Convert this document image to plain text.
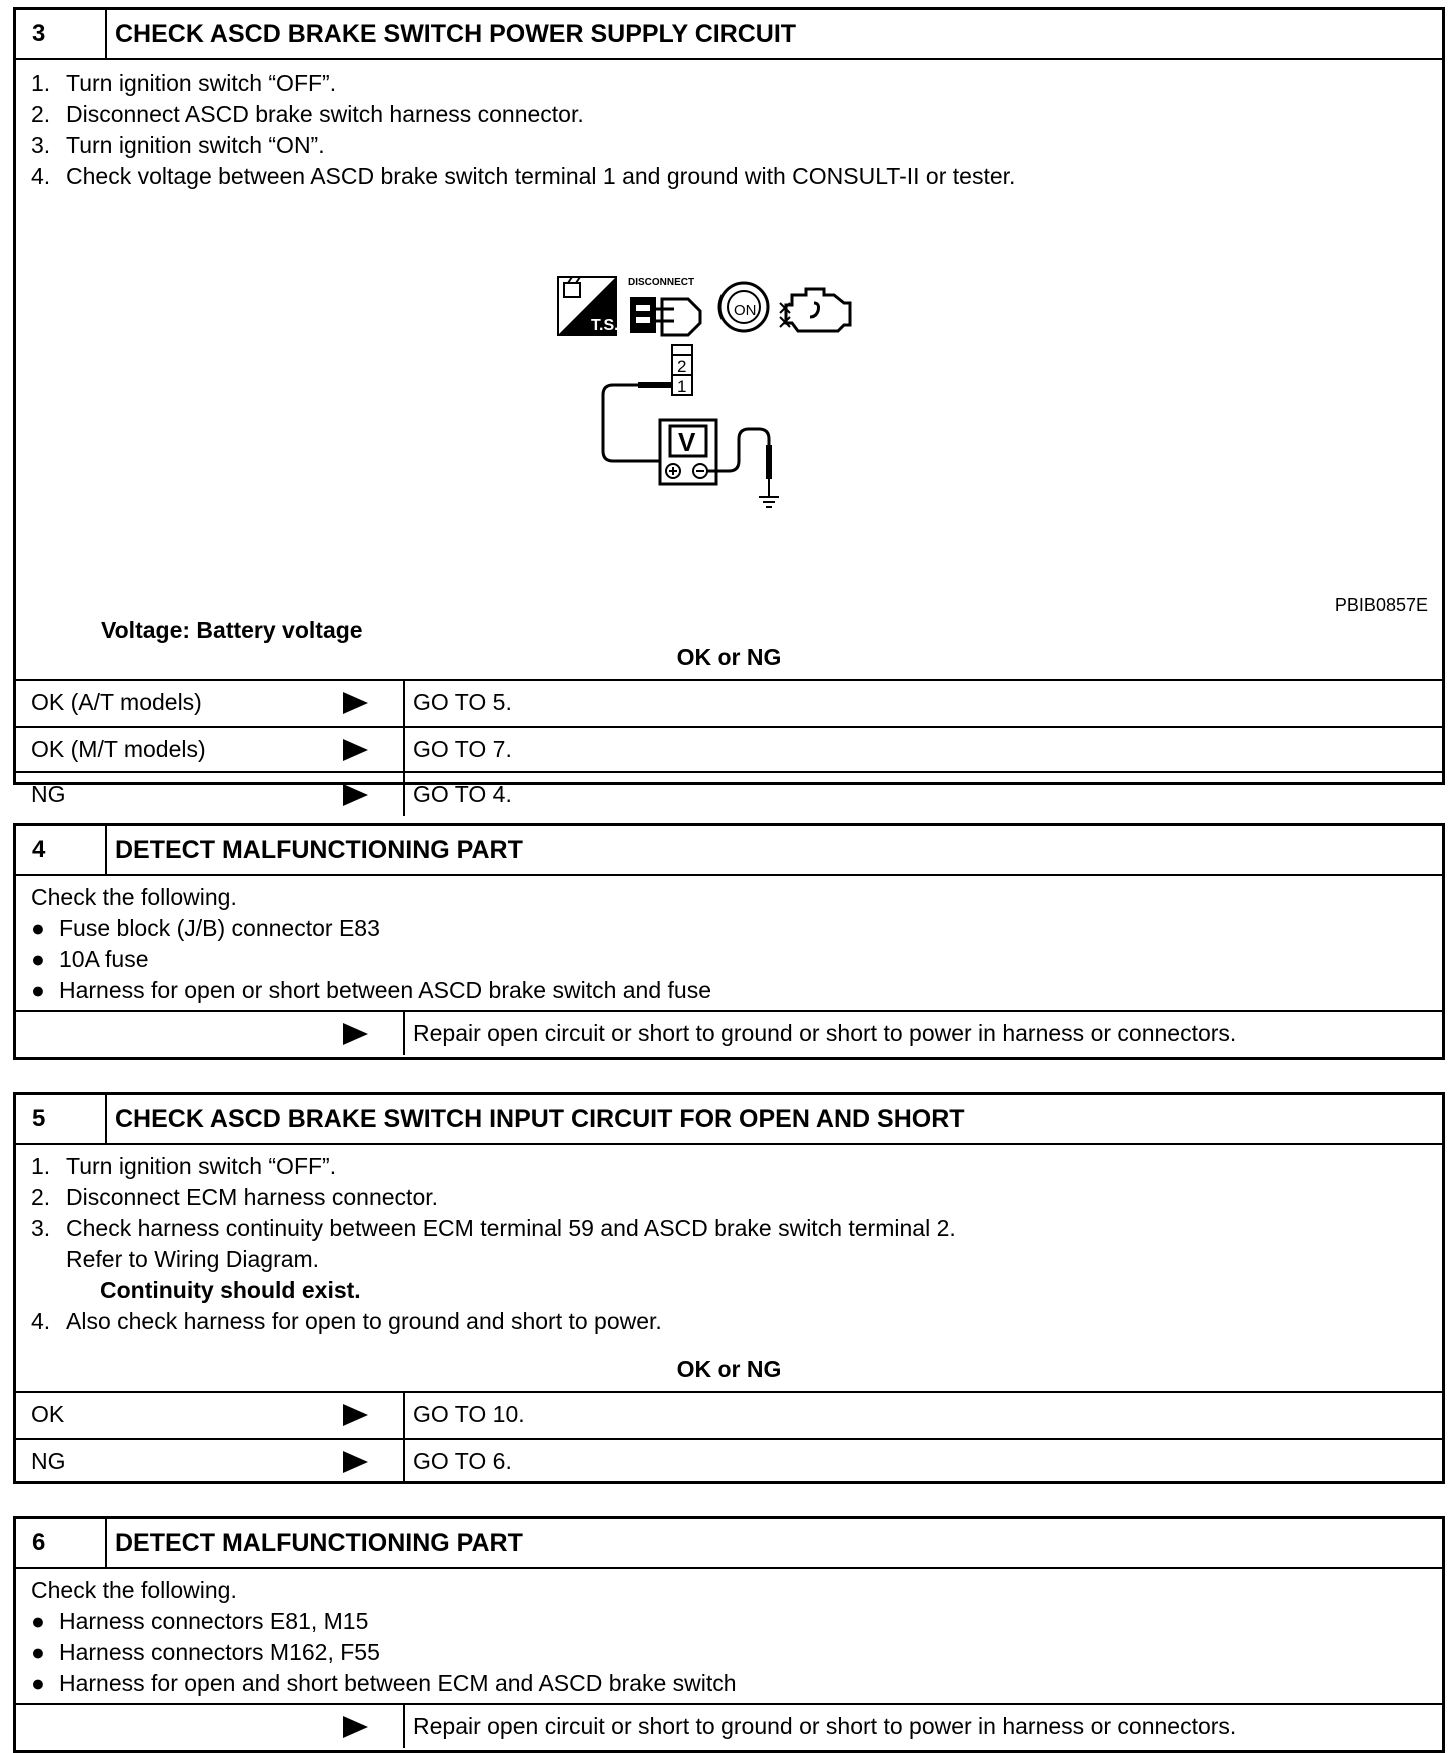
3	CHECK ASCD BRAKE SWITCH POWER SUPPLY CIRCUIT
1. Turn ignition switch “OFF”.
2. Disconnect ASCD brake switch harness connector.
3. Turn ignition switch “ON”.
4. Check voltage between ASCD brake switch terminal 1 and ground with CONSULT-II or tester.
T.S.
DISCONNECT
ON
2
1
V
PBIB0857E
Voltage: Battery voltage
OK or NG
OK (A/T models)	GO TO 5.
OK (M/T models)	GO TO 7.
NG	GO TO 4.
4	DETECT MALFUNCTIONING PART
Check the following.
● Fuse block (J/B) connector E83
● 10A fuse
● Harness for open or short between ASCD brake switch and fuse
Repair open circuit or short to ground or short to power in harness or connectors.
5	CHECK ASCD BRAKE SWITCH INPUT CIRCUIT FOR OPEN AND SHORT
1. Turn ignition switch “OFF”.
2. Disconnect ECM harness connector.
3. Check harness continuity between ECM terminal 59 and ASCD brake switch terminal 2.
Refer to Wiring Diagram.
Continuity should exist.
4. Also check harness for open to ground and short to power.
OK or NG
OK	GO TO 10.
NG	GO TO 6.
6	DETECT MALFUNCTIONING PART
Check the following.
● Harness connectors E81, M15
● Harness connectors M162, F55
● Harness for open and short between ECM and ASCD brake switch
Repair open circuit or short to ground or short to power in harness or connectors.
